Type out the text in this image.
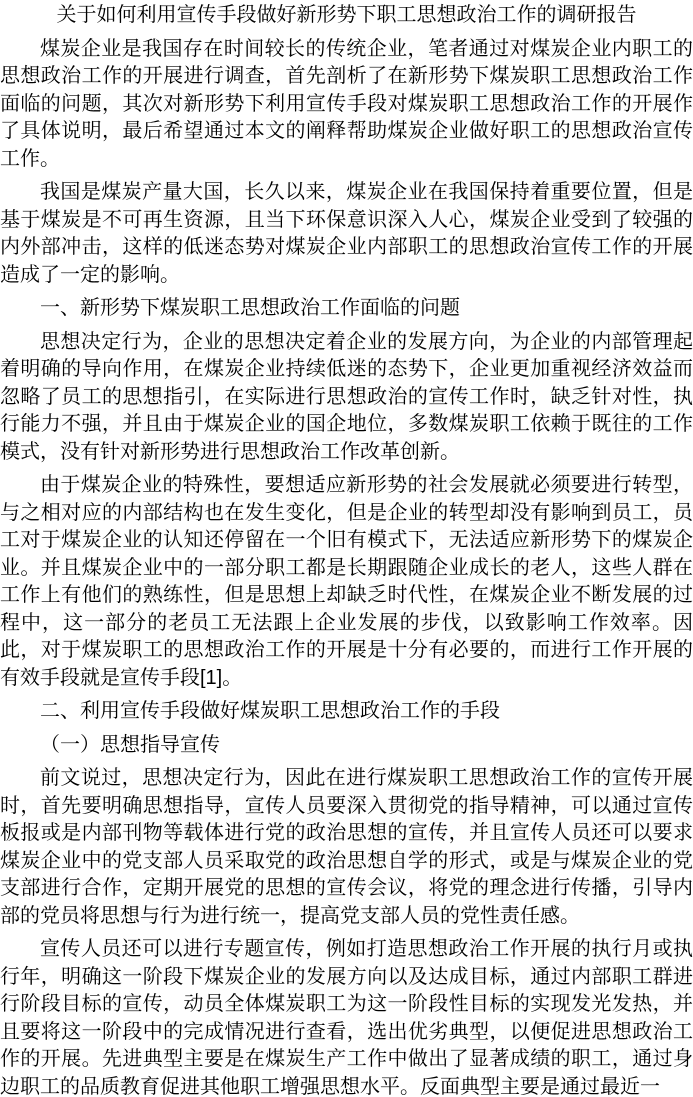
关于如何利用宣传手段做好新形势下职工思想政治工作的调研报告

煤炭企业是我国存在时间较长的传统企业，笔者通过对煤炭企业内职工的思想政治工作的开展进行调查，首先剖析了在新形势下煤炭职工思想政治工作面临的问题，其次对新形势下利用宣传手段对煤炭职工思想政治工作的开展作了具体说明，最后希望通过本文的阐释帮助煤炭企业做好职工的思想政治宣传工作。

我国是煤炭产量大国，长久以来，煤炭企业在我国保持着重要位置，但是基于煤炭是不可再生资源，且当下环保意识深入人心，煤炭企业受到了较强的内外部冲击，这样的低迷态势对煤炭企业内部职工的思想政治宣传工作的开展造成了一定的影响。

一、新形势下煤炭职工思想政治工作面临的问题

思想决定行为，企业的思想决定着企业的发展方向，为企业的内部管理起着明确的导向作用，在煤炭企业持续低迷的态势下，企业更加重视经济效益而忽略了员工的思想指引，在实际进行思想政治的宣传工作时，缺乏针对性，执行能力不强，并且由于煤炭企业的国企地位，多数煤炭职工依赖于既往的工作模式，没有针对新形势进行思想政治工作改革创新。

由于煤炭企业的特殊性，要想适应新形势的社会发展就必须要进行转型，与之相对应的内部结构也在发生变化，但是企业的转型却没有影响到员工，员工对于煤炭企业的认知还停留在一个旧有模式下，无法适应新形势下的煤炭企业。并且煤炭企业中的一部分职工都是长期跟随企业成长的老人，这些人群在工作上有他们的熟练性，但是思想上却缺乏时代性，在煤炭企业不断发展的过程中，这一部分的老员工无法跟上企业发展的步伐，以致影响工作效率。因此，对于煤炭职工的思想政治工作的开展是十分有必要的，而进行工作开展的有效手段就是宣传手段[1]。

二、利用宣传手段做好煤炭职工思想政治工作的手段
（一）思想指导宣传

前文说过，思想决定行为，因此在进行煤炭职工思想政治工作的宣传开展时，首先要明确思想指导，宣传人员要深入贯彻党的指导精神，可以通过宣传板报或是内部刊物等载体进行党的政治思想的宣传，并且宣传人员还可以要求煤炭企业中的党支部人员采取党的政治思想自学的形式，或是与煤炭企业的党支部进行合作，定期开展党的思想的宣传会议，将党的理念进行传播，引导内部的党员将思想与行为进行统一，提高党支部人员的党性责任感。

宣传人员还可以进行专题宣传，例如打造思想政治工作开展的执行月或执行年，明确这一阶段下煤炭企业的发展方向以及达成目标，通过内部职工群进行阶段目标的宣传，动员全体煤炭职工为这一阶段性目标的实现发光发热，并且要将这一阶段中的完成情况进行查看，选出优劣典型，以便促进思想政治工作的开展。先进典型主要是在煤炭生产工作中做出了显著成绩的职工，通过身边职工的品质教育促进其他职工增强思想水平。反面典型主要是通过最近一
